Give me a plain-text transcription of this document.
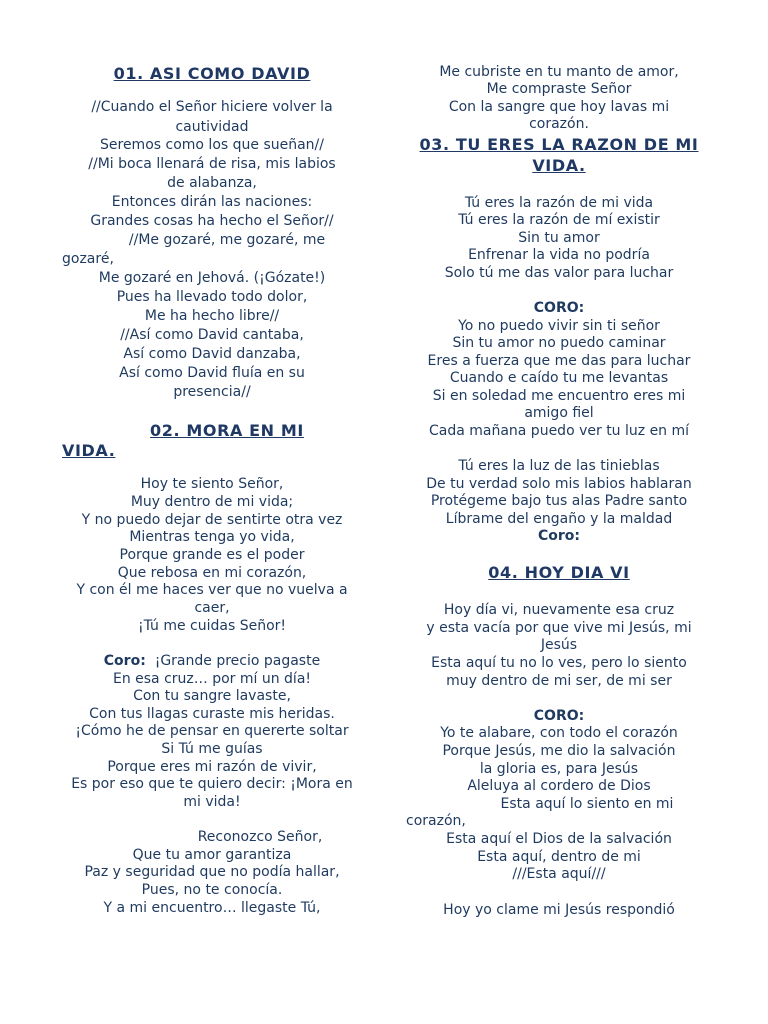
01. ASI COMO DAVID
//Cuando el Señor hiciere volver la
cautividad
Seremos como los que sueñan//
//Mi boca llenará de risa, mis labios
de alabanza,
Entonces dirán las naciones:
Grandes cosas ha hecho el Señor//
//Me gozaré, me gozaré, me
gozaré,
Me gozaré en Jehová. (¡Gózate!)
Pues ha llevado todo dolor,
Me ha hecho libre//
//Así como David cantaba,
Así como David danzaba,
Así como David fluía en su
presencia//
02. MORA EN MI
VIDA.
Hoy te siento Señor,
Muy dentro de mi vida;
Y no puedo dejar de sentirte otra vez
Mientras tenga yo vida,
Porque grande es el poder
Que rebosa en mi corazón,
Y con él me haces ver que no vuelva a
caer,
¡Tú me cuidas Señor!
Coro: ¡Grande precio pagaste
En esa cruz… por mí un día!
Con tu sangre lavaste,
Con tus llagas curaste mis heridas.
¡Cómo he de pensar en quererte soltar
Si Tú me guías
Porque eres mi razón de vivir,
Es por eso que te quiero decir: ¡Mora en
mi vida!
Reconozco Señor,
Que tu amor garantiza
Paz y seguridad que no podía hallar,
Pues, no te conocía.
Y a mi encuentro… llegaste Tú,
Me cubriste en tu manto de amor,
Me compraste Señor
Con la sangre que hoy lavas mi
corazón.
03. TU ERES LA RAZON DE MI
VIDA.
Tú eres la razón de mi vida
Tú eres la razón de mí existir
Sin tu amor
Enfrenar la vida no podría
Solo tú me das valor para luchar
CORO:
Yo no puedo vivir sin ti señor
Sin tu amor no puedo caminar
Eres a fuerza que me das para luchar
Cuando e caído tu me levantas
Si en soledad me encuentro eres mi
amigo fiel
Cada mañana puedo ver tu luz en mí
Tú eres la luz de las tinieblas
De tu verdad solo mis labios hablaran
Protégeme bajo tus alas Padre santo
Líbrame del engaño y la maldad
Coro:
04. HOY DIA VI
Hoy día vi, nuevamente esa cruz
y esta vacía por que vive mi Jesús, mi
Jesús
Esta aquí tu no lo ves, pero lo siento
muy dentro de mi ser, de mi ser
CORO:
Yo te alabare, con todo el corazón
Porque Jesús, me dio la salvación
la gloria es, para Jesús
Aleluya al cordero de Dios
Esta aquí lo siento en mi
corazón,
Esta aquí el Dios de la salvación
Esta aquí, dentro de mi
///Esta aquí///
Hoy yo clame mi Jesús respondió
